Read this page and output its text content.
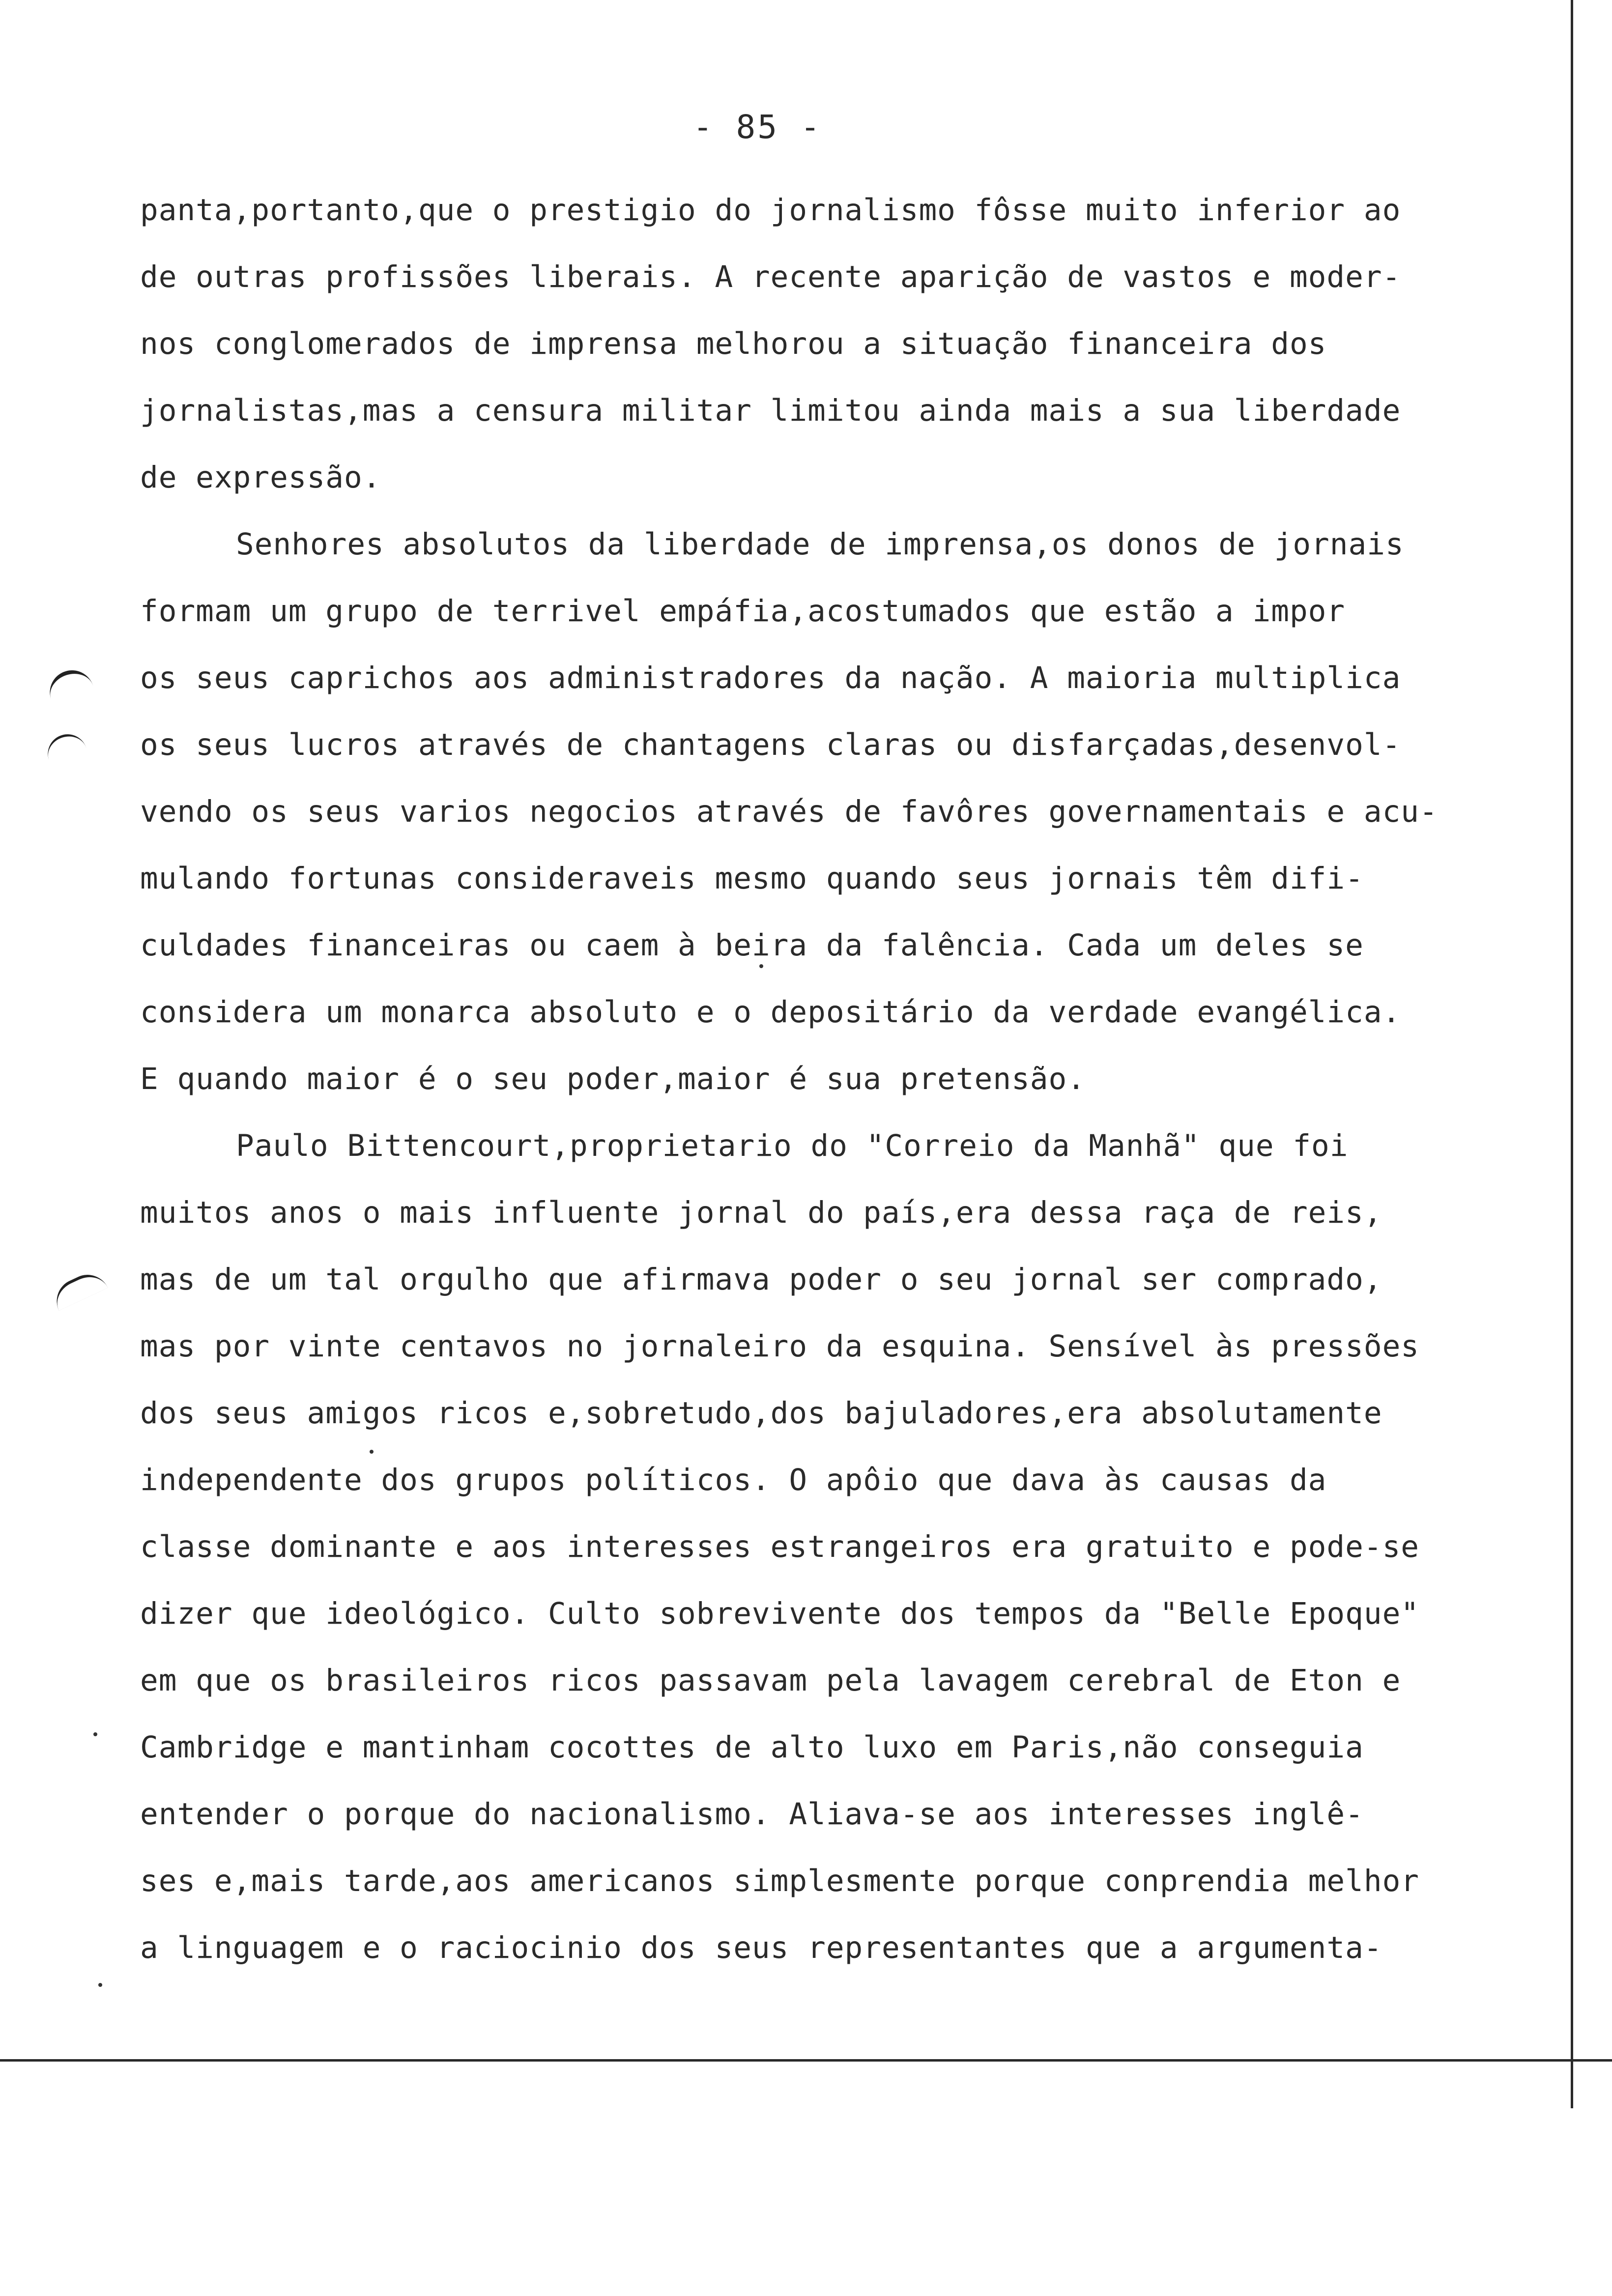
- 85 -
panta,portanto,que o prestigio do jornalismo fôsse muito inferior ao
de outras profissões liberais. A recente aparição de vastos e moder-
nos conglomerados de imprensa melhorou a situação financeira dos
jornalistas,mas a censura militar limitou ainda mais a sua liberdade
de expressão.
Senhores absolutos da liberdade de imprensa,os donos de jornais
formam um grupo de terrivel empáfia,acostumados que estão a impor
os seus caprichos aos administradores da nação. A maioria multiplica
os seus lucros através de chantagens claras ou disfarçadas,desenvol-
vendo os seus varios negocios através de favôres governamentais e acu-
mulando fortunas consideraveis mesmo quando seus jornais têm difi-
culdades financeiras ou caem à beira da falência. Cada um deles se
considera um monarca absoluto e o depositário da verdade evangélica.
E quando maior é o seu poder,maior é sua pretensão.
Paulo Bittencourt,proprietario do "Correio da Manhã" que foi
muitos anos o mais influente jornal do país,era dessa raça de reis,
mas de um tal orgulho que afirmava poder o seu jornal ser comprado,
mas por vinte centavos no jornaleiro da esquina. Sensível às pressões
dos seus amigos ricos e,sobretudo,dos bajuladores,era absolutamente
independente dos grupos políticos. O apôio que dava às causas da
classe dominante e aos interesses estrangeiros era gratuito e pode-se
dizer que ideológico. Culto sobrevivente dos tempos da "Belle Epoque"
em que os brasileiros ricos passavam pela lavagem cerebral de Eton e
Cambridge e mantinham cocottes de alto luxo em Paris,não conseguia
entender o porque do nacionalismo. Aliava-se aos interesses inglê-
ses e,mais tarde,aos americanos simplesmente porque conprendia melhor
a linguagem e o raciocinio dos seus representantes que a argumenta-
